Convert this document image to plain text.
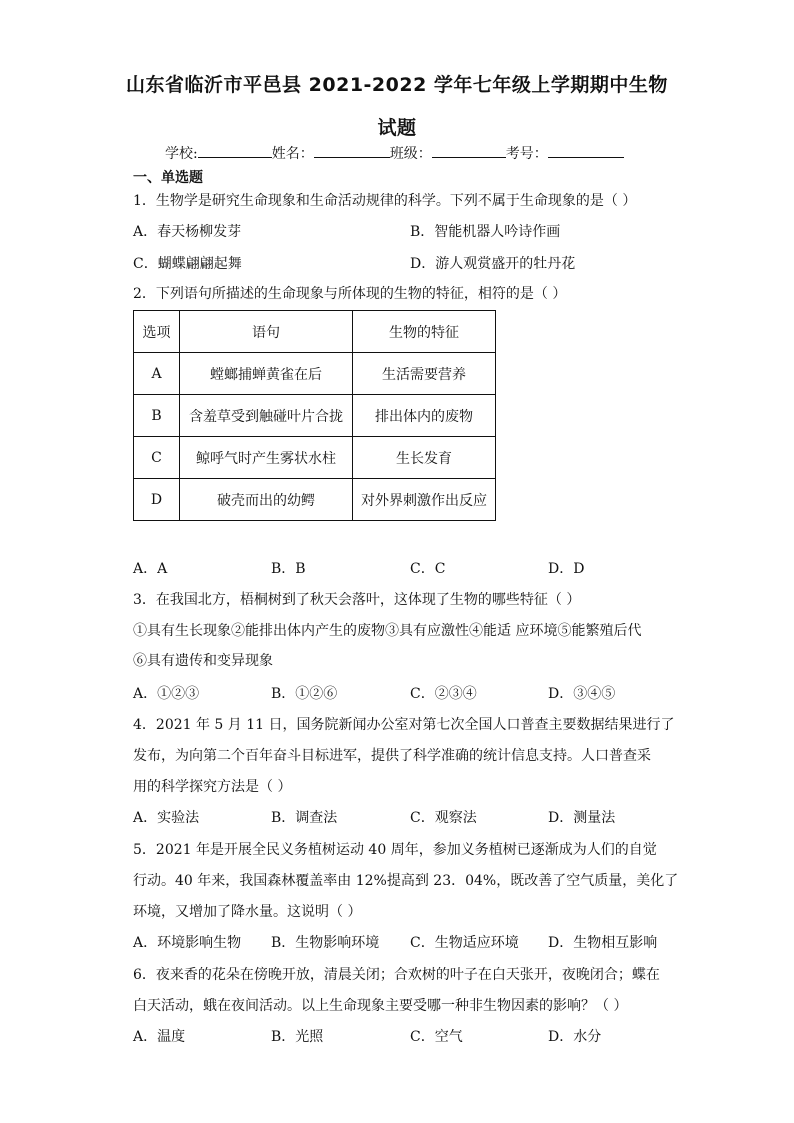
山东省临沂市平邑县 2021-2022 学年七年级上学期期中生物
试题
学校:	姓名：	班级：	考号：
一、单选题
1．生物学是研究生命现象和生命活动规律的科学。下列不属于生命现象的是（ ）
A．春天杨柳发芽	B．智能机器人吟诗作画
C．蝴蝶翩翩起舞	D．游人观赏盛开的牡丹花
2．下列语句所描述的生命现象与所体现的生物的特征，相符的是（ ）
选项	语句	生物的特征
A	螳螂捕蝉黄雀在后	生活需要营养
B	含羞草受到触碰叶片合拢	排出体内的废物
C	鲸呼气时产生雾状水柱	生长发育
D	破壳而出的幼鳄	对外界刺激作出反应
A．A	B．B	C．C	D．D
3．在我国北方，梧桐树到了秋天会落叶，这体现了生物的哪些特征（ ）
①具有生长现象②能排出体内产生的废物③具有应激性④能适 应环境⑤能繁殖后代
⑥具有遗传和变异现象
A．①②③	B．①②⑥	C．②③④	D．③④⑤
4．2021 年 5 月 11 日，国务院新闻办公室对第七次全国人口普查主要数据结果进行了
发布，为向第二个百年奋斗目标进军，提供了科学准确的统计信息支持。人口普查采
用的科学探究方法是（ ）
A．实验法	B．调查法	C．观察法	D．测量法
5．2021 年是开展全民义务植树运动 40 周年，参加义务植树已逐渐成为人们的自觉
行动。40 年来，我国森林覆盖率由 12%提高到 23．04%，既改善了空气质量，美化了
环境，又增加了降水量。这说明（ ）
A．环境影响生物 B．生物影响环境 C．生物适应环境 D．生物相互影响
6．夜来香的花朵在傍晚开放，清晨关闭；合欢树的叶子在白天张开，夜晚闭合；蝶在
白天活动，蛾在夜间活动。以上生命现象主要受哪一种非生物因素的影响？（ ）
A．温度	B．光照	C．空气	D．水分
